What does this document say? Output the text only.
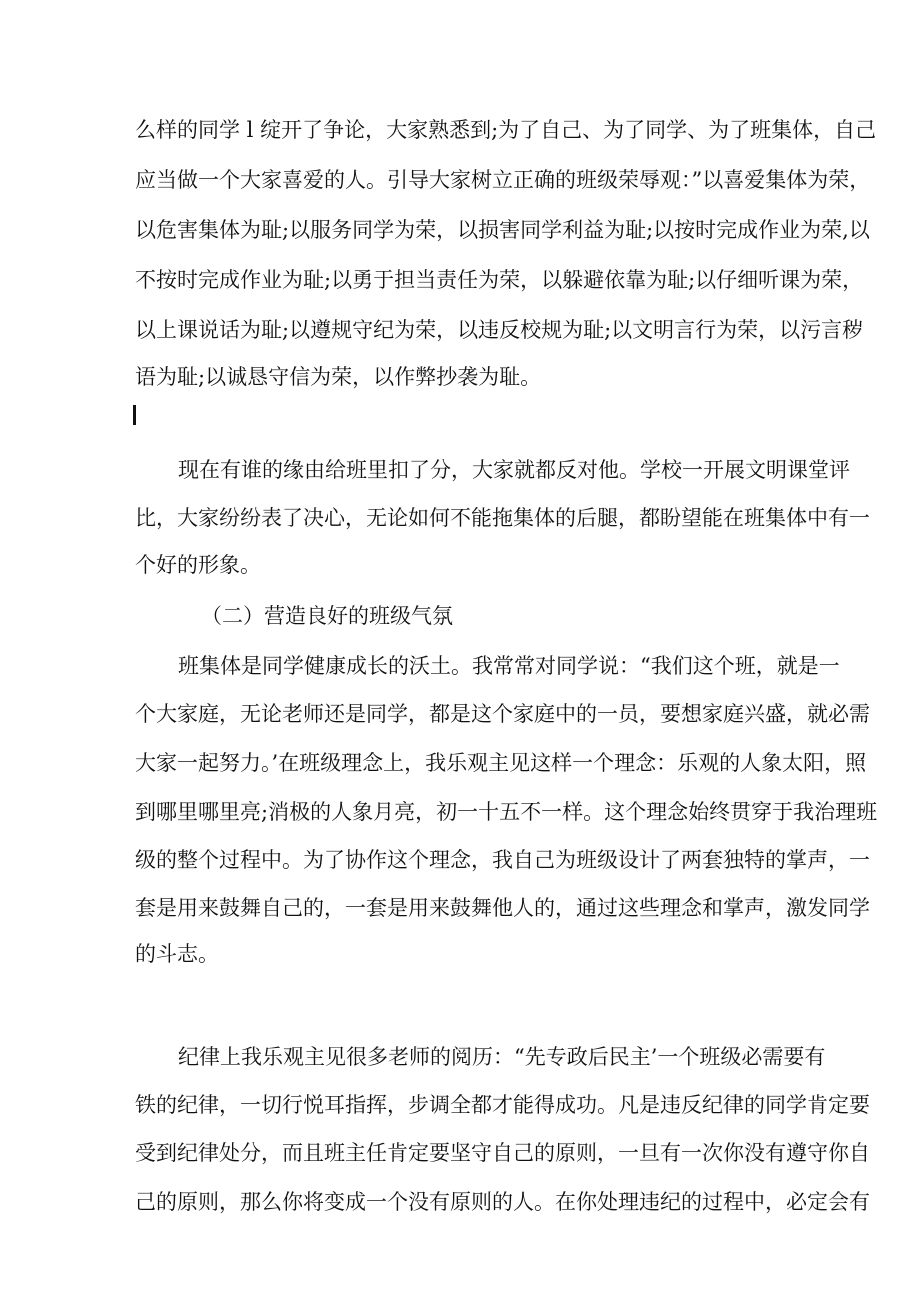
么样的同学 l 绽开了争论，大家熟悉到;为了自己、为了同学、为了班集体，自己
应当做一个大家喜爱的人。引导大家树立正确的班级荣辱观：”以喜爱集体为荣，
以危害集体为耻;以服务同学为荣，以损害同学利益为耻;以按时完成作业为荣,以
不按时完成作业为耻;以勇于担当责任为荣，以躲避依靠为耻;以仔细听课为荣，
以上课说话为耻;以遵规守纪为荣，以违反校规为耻;以文明言行为荣，以污言秽
语为耻;以诚恳守信为荣，以作弊抄袭为耻。
现在有谁的缘由给班里扣了分，大家就都反对他。学校一开展文明课堂评
比，大家纷纷表了决心，无论如何不能拖集体的后腿，都盼望能在班集体中有一
个好的形象。
（二）营造良好的班级气氛
班集体是同学健康成长的沃土。我常常对同学说：“我们这个班，就是一
个大家庭，无论老师还是同学，都是这个家庭中的一员，要想家庭兴盛，就必需
大家一起努力。’在班级理念上，我乐观主见这样一个理念：乐观的人象太阳，照
到哪里哪里亮;消极的人象月亮，初一十五不一样。这个理念始终贯穿于我治理班
级的整个过程中。为了协作这个理念，我自己为班级设计了两套独特的掌声，一
套是用来鼓舞自己的，一套是用来鼓舞他人的，通过这些理念和掌声，激发同学
的斗志。
纪律上我乐观主见很多老师的阅历：“先专政后民主’一个班级必需要有
铁的纪律，一切行悦耳指挥，步调全都才能得成功。凡是违反纪律的同学肯定要
受到纪律处分，而且班主任肯定要坚守自己的原则，一旦有一次你没有遵守你自
己的原则，那么你将变成一个没有原则的人。在你处理违纪的过程中，必定会有
